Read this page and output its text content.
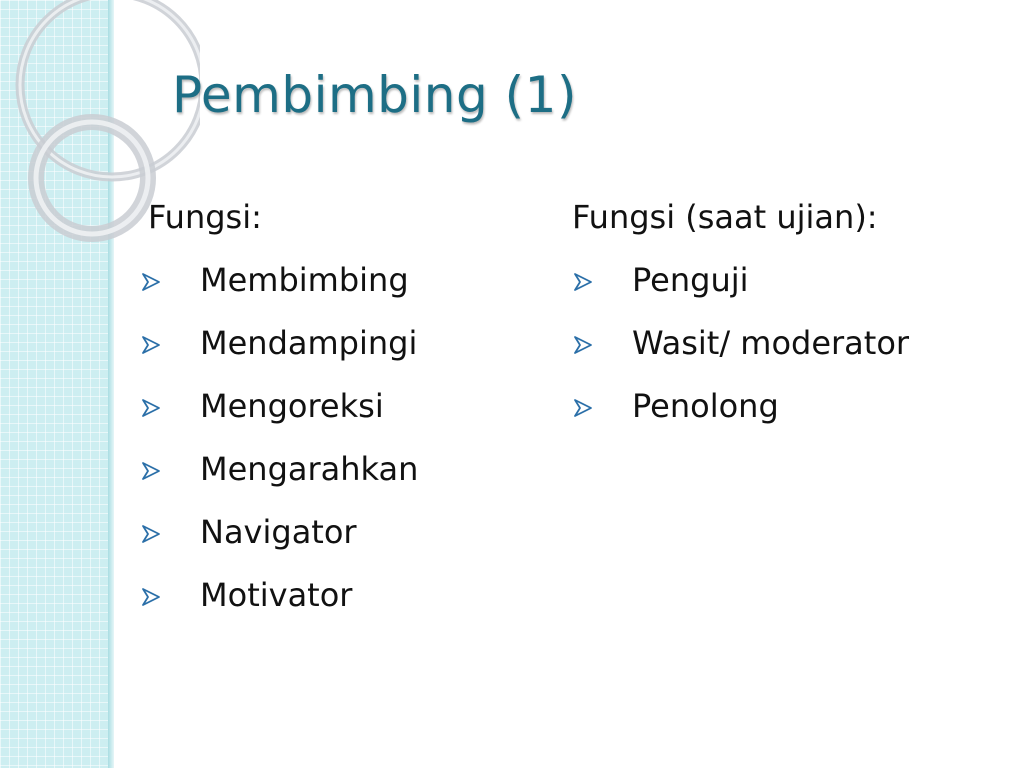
Pembimbing (1)
Fungsi:	Fungsi (saat ujian):
Membimbing
Mendampingi
Mengoreksi
Mengarahkan
Navigator
Motivator
Penguji
Wasit/ moderator
Penolong
